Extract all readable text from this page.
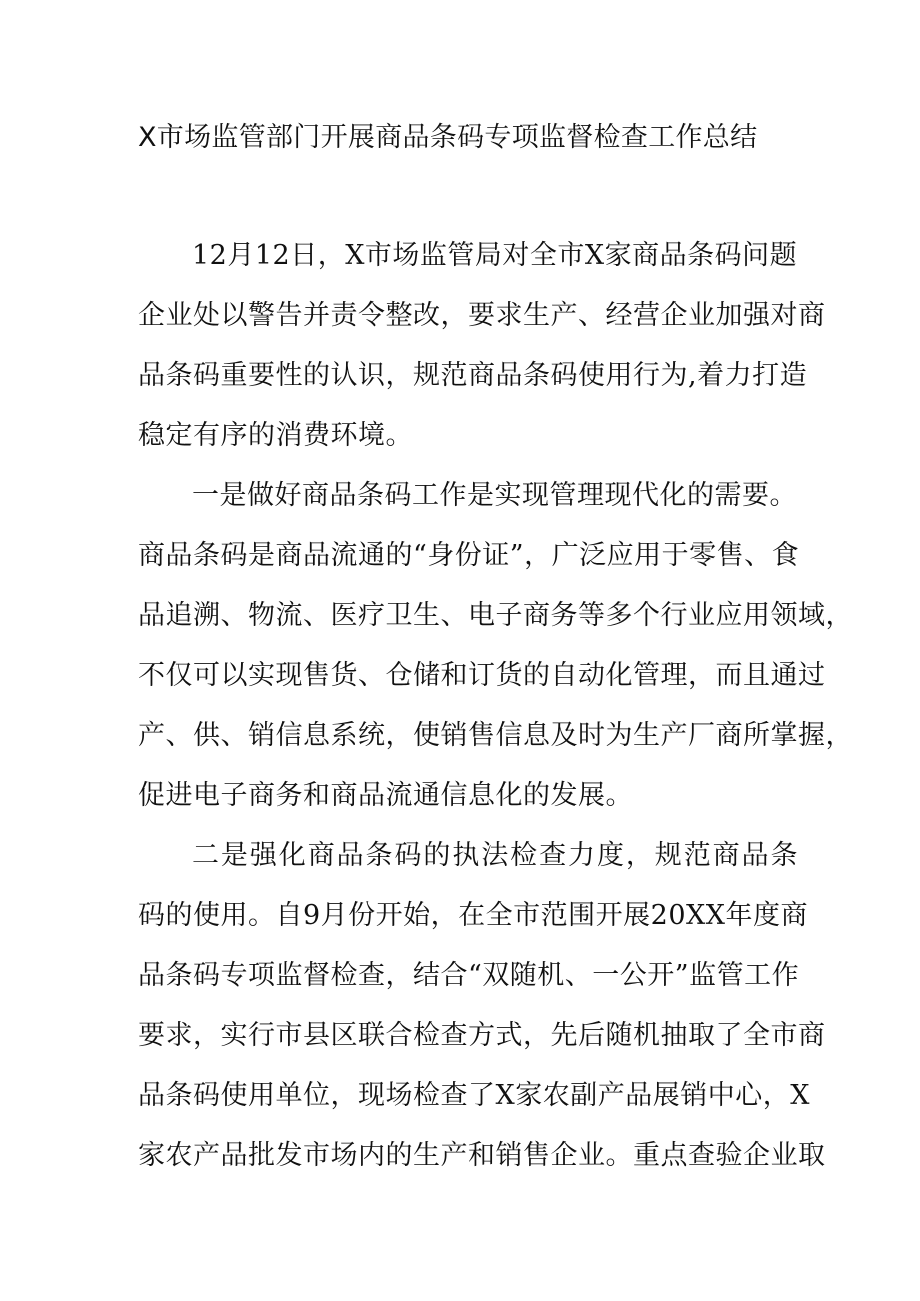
X市场监管部门开展商品条码专项监督检查工作总结
12月12日，X市场监管局对全市X家商品条码问题
企业处以警告并责令整改，要求生产、经营企业加强对商
品条码重要性的认识，规范商品条码使用行为,着力打造
稳定有序的消费环境。
一是做好商品条码工作是实现管理现代化的需要。
商品条码是商品流通的“身份证”，广泛应用于零售、食
品追溯、物流、医疗卫生、电子商务等多个行业应用领域，
不仅可以实现售货、仓储和订货的自动化管理，而且通过
产、供、销信息系统，使销售信息及时为生产厂商所掌握，
促进电子商务和商品流通信息化的发展。
二是强化商品条码的执法检查力度，规范商品条
码的使用。自9月份开始，在全市范围开展20XX年度商
品条码专项监督检查，结合“双随机、一公开”监管工作
要求，实行市县区联合检查方式，先后随机抽取了全市商
品条码使用单位，现场检查了X家农副产品展销中心，X
家农产品批发市场内的生产和销售企业。重点查验企业取
